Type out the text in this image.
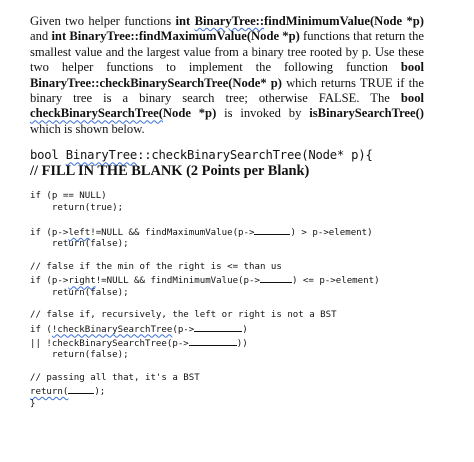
Given two helper functions int BinaryTree::findMinimumValue(Node *p) and int BinaryTree::findMaximumValue(Node *p) functions that return the smallest value and the largest value from a binary tree rooted by p. Use these two helper functions to implement the following function bool BinaryTree::checkBinarySearchTree(Node* p) which returns TRUE if the binary tree is a binary search tree; otherwise FALSE. The bool checkBinarySearchTree(Node *p) is invoked by isBinarySearchTree() which is shown below.

bool BinaryTree::checkBinarySearchTree(Node* p){
// FILL IN THE BLANK (2 Points per Blank)
if (p == NULL)
return(true);
if (p->left!=NULL && findMaximumValue(p->	) > p->element)
return(false);
// false if the min of the right is <= than us
if (p->right!=NULL && findMinimumValue(p->	) <= p->element)
return(false);
// false if, recursively, the left or right is not a BST
if (!checkBinarySearchTree(p->	)
|| !checkBinarySearchTree(p->	))
return(false);
// passing all that, it's a BST
return(	);
}
